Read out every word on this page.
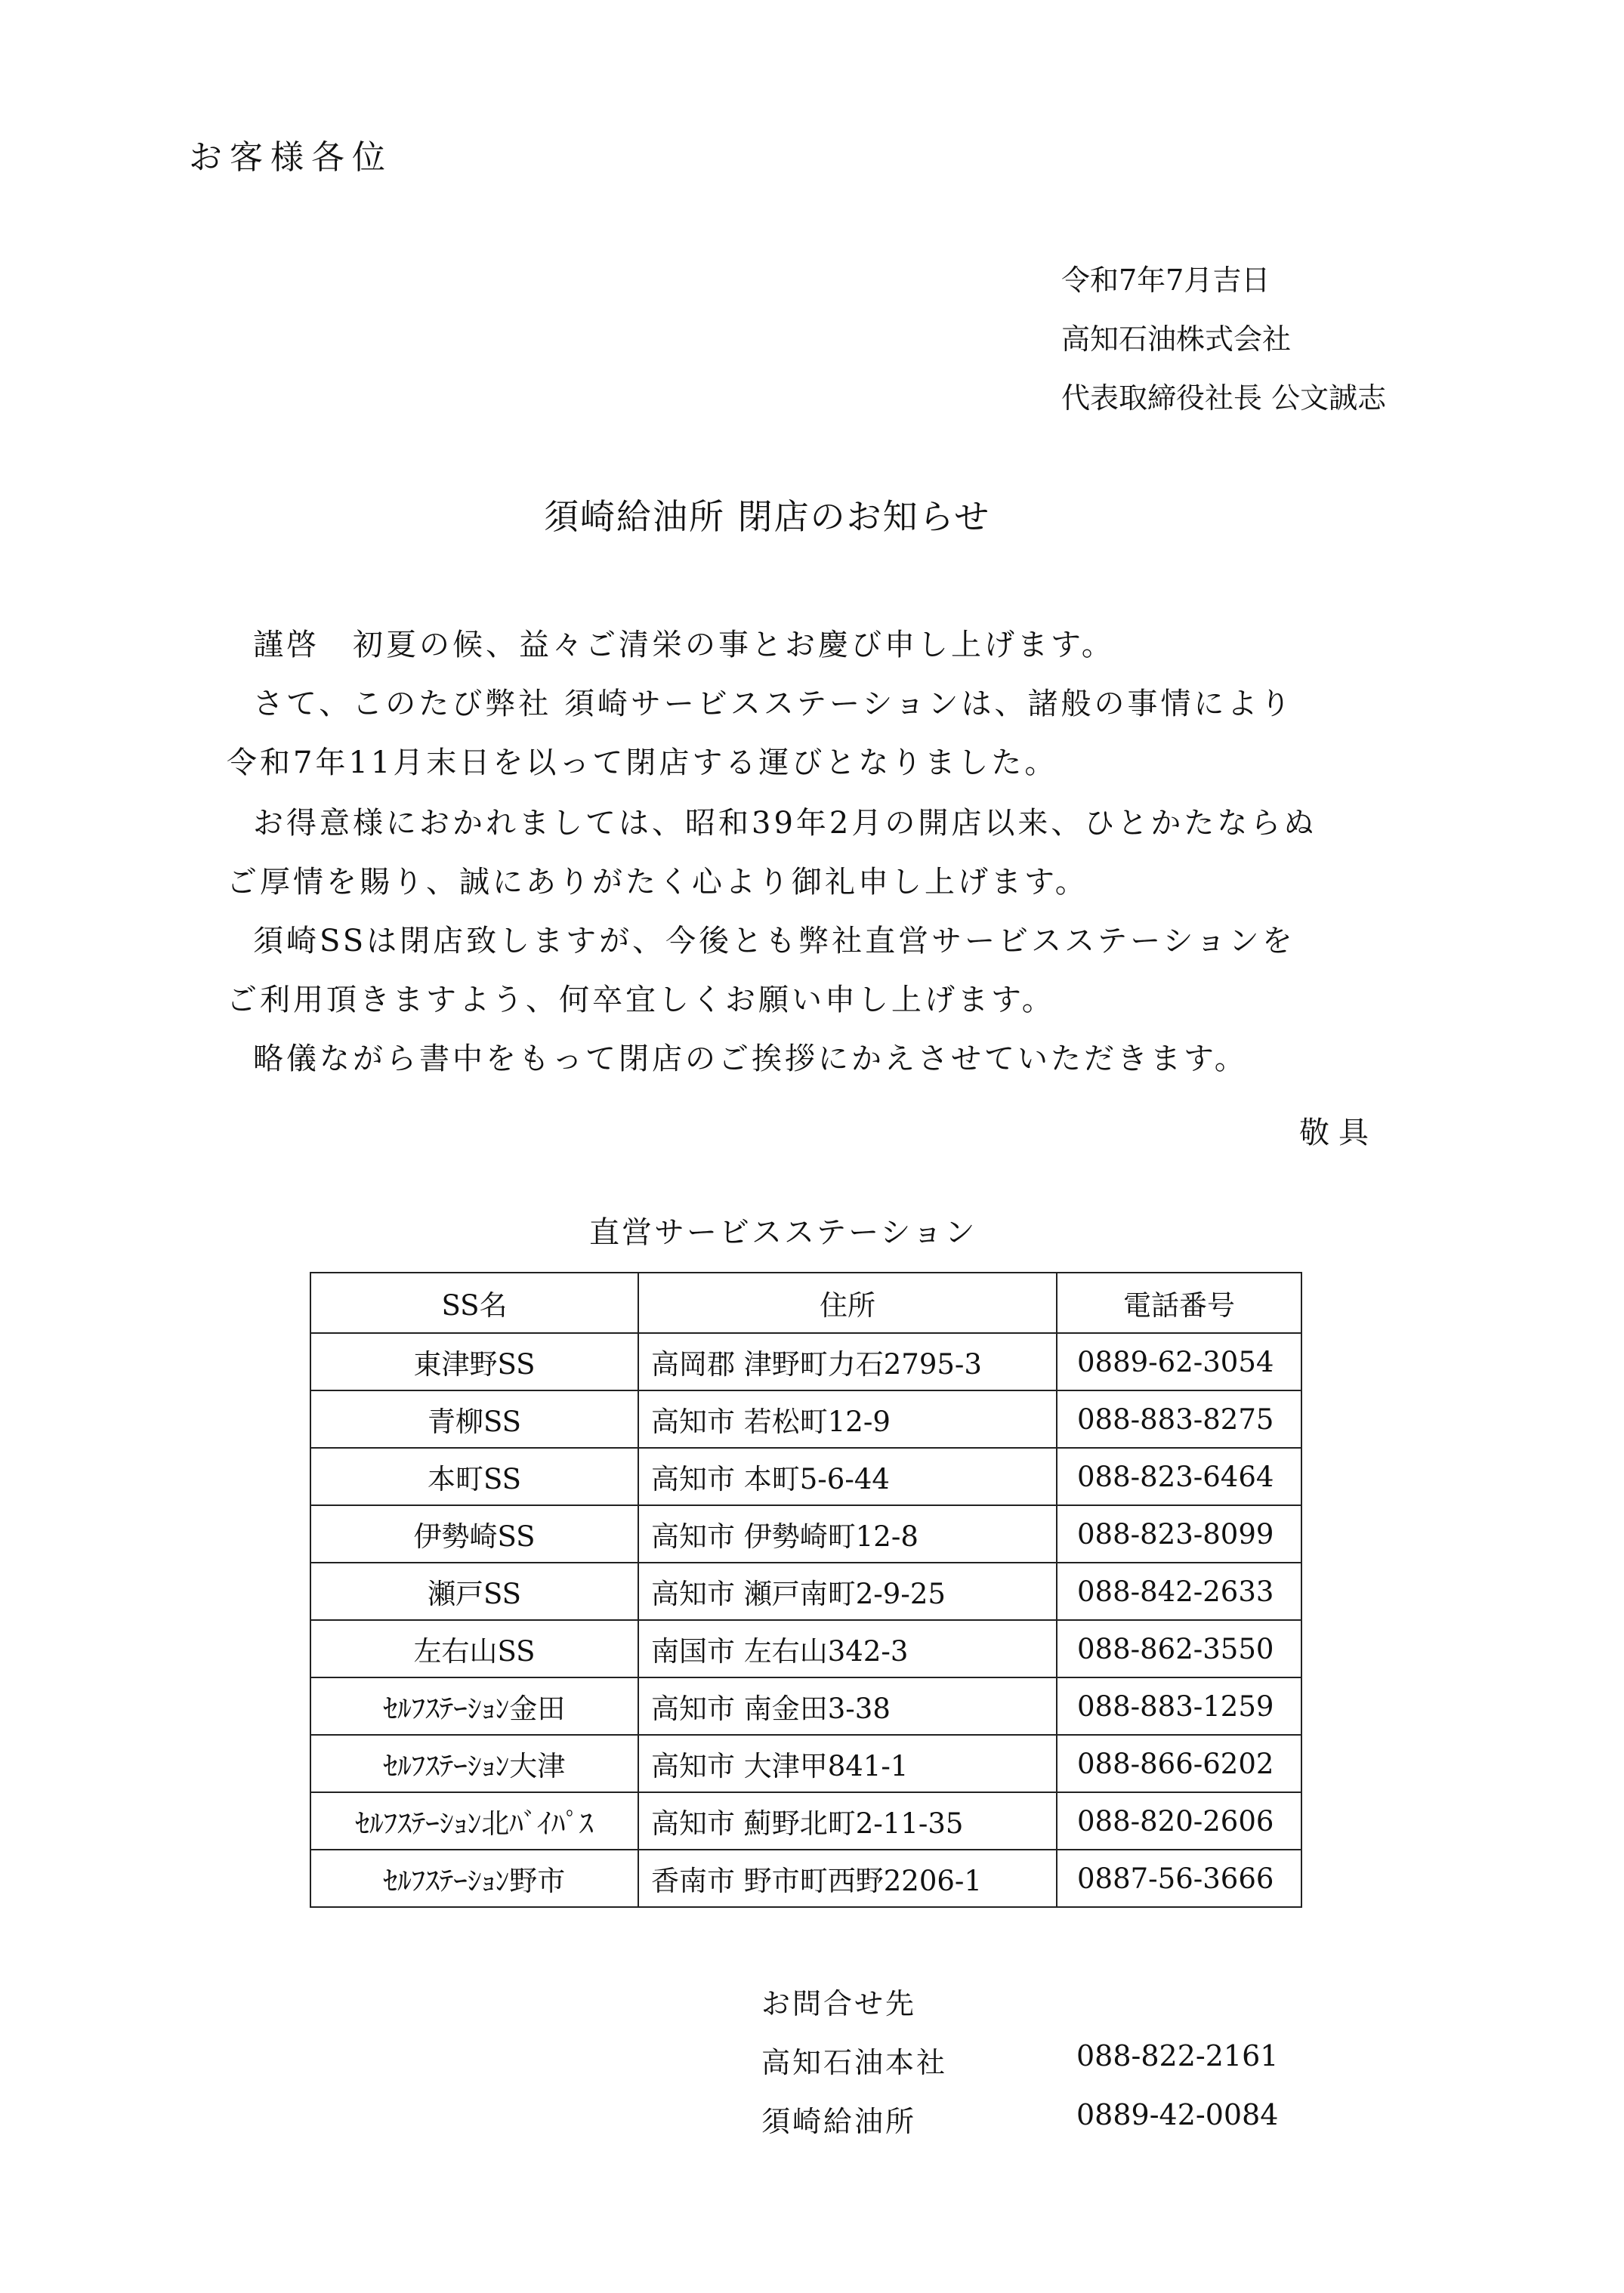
お客様各位
令和7年7月吉日
高知石油株式会社
代表取締役社長 公文誠志
須崎給油所 閉店のお知らせ
謹啓　初夏の候、益々ご清栄の事とお慶び申し上げます。
さて、このたび弊社 須崎サービスステーションは、諸般の事情により
令和7年11月末日を以って閉店する運びとなりました。
お得意様におかれましては、昭和39年2月の開店以来、ひとかたならぬ
ご厚情を賜り、誠にありがたく心より御礼申し上げます。
須崎SSは閉店致しますが、今後とも弊社直営サービスステーションを
ご利用頂きますよう、何卒宜しくお願い申し上げます。
略儀ながら書中をもって閉店のご挨拶にかえさせていただきます。
敬具
直営サービスステーション
SS名	住所	電話番号
東津野SS	高岡郡 津野町力石2795-3	0889-62-3054
青柳SS	高知市 若松町12-9	088-883-8275
本町SS	高知市 本町5-6-44	088-823-6464
伊勢崎SS	高知市 伊勢崎町12-8	088-823-8099
瀬戸SS	高知市 瀬戸南町2-9-25	088-842-2633
左右山SS	南国市 左右山342-3	088-862-3550
ｾﾙﾌｽﾃｰｼｮﾝ金田	高知市 南金田3-38	088-883-1259
ｾﾙﾌｽﾃｰｼｮﾝ大津	高知市 大津甲841-1	088-866-6202
ｾﾙﾌｽﾃｰｼｮﾝ北ﾊﾞｲﾊﾟｽ	高知市 薊野北町2-11-35	088-820-2606
ｾﾙﾌｽﾃｰｼｮﾝ野市	香南市 野市町西野2206-1	0887-56-3666
お問合せ先
高知石油本社	088-822-2161
須崎給油所	0889-42-0084
